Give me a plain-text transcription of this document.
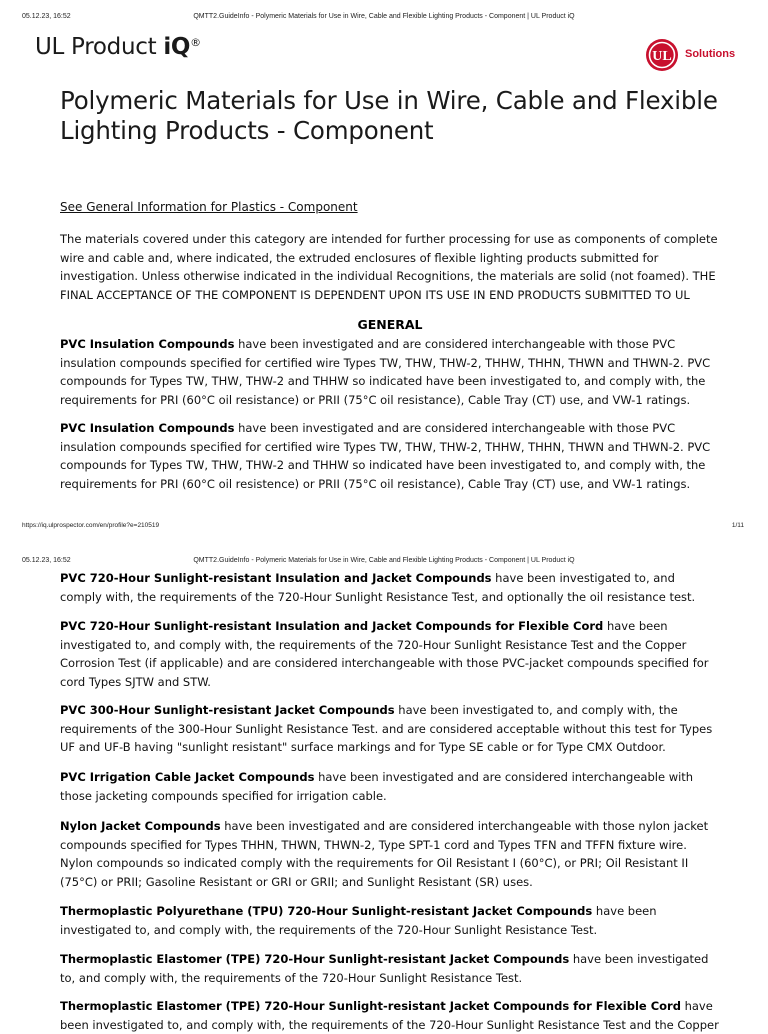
05.12.23, 16:52	QMTT2.GuideInfo - Polymeric Materials for Use in Wire, Cable and Flexible Lighting Products - Component | UL Product iQ
UL Product iQ®
UL Solutions
Polymeric Materials for Use in Wire, Cable and Flexible Lighting Products - Component
See General Information for Plastics - Component

The materials covered under this category are intended for further processing for use as components of complete wire and cable and, where indicated, the extruded enclosures of flexible lighting products submitted for investigation. Unless otherwise indicated in the individual Recognitions, the materials are solid (not foamed). THE FINAL ACCEPTANCE OF THE COMPONENT IS DEPENDENT UPON ITS USE IN END PRODUCTS SUBMITTED TO UL

GENERAL

PVC Insulation Compounds have been investigated and are considered interchangeable with those PVC insulation compounds specified for certified wire Types TW, THW, THW-2, THHW, THHN, THWN and THWN-2. PVC compounds for Types TW, THW, THW-2 and THHW so indicated have been investigated to, and comply with, the requirements for PRI (60°C oil resistance) or PRII (75°C oil resistance), Cable Tray (CT) use, and VW-1 ratings.

PVC Insulation Compounds have been investigated and are considered interchangeable with those PVC insulation compounds specified for certified wire Types TW, THW, THW-2, THHW, THHN, THWN and THWN-2. PVC compounds for Types TW, THW, THW-2 and THHW so indicated have been investigated to, and comply with, the requirements for PRI (60°C oil resistence) or PRII (75°C oil resistance), Cable Tray (CT) use, and VW-1 ratings.

https://iq.ulprospector.com/en/profile?e=210519	1/11
05.12.23, 16:52	QMTT2.GuideInfo - Polymeric Materials for Use in Wire, Cable and Flexible Lighting Products - Component | UL Product iQ

PVC 720-Hour Sunlight-resistant Insulation and Jacket Compounds have been investigated to, and comply with, the requirements of the 720-Hour Sunlight Resistance Test, and optionally the oil resistance test.

PVC 720-Hour Sunlight-resistant Insulation and Jacket Compounds for Flexible Cord have been investigated to, and comply with, the requirements of the 720-Hour Sunlight Resistance Test and the Copper Corrosion Test (if applicable) and are considered interchangeable with those PVC-jacket compounds specified for cord Types SJTW and STW.

PVC 300-Hour Sunlight-resistant Jacket Compounds have been investigated to, and comply with, the requirements of the 300-Hour Sunlight Resistance Test. and are considered acceptable without this test for Types UF and UF-B having "sunlight resistant" surface markings and for Type SE cable or for Type CMX Outdoor.

PVC Irrigation Cable Jacket Compounds have been investigated and are considered interchangeable with those jacketing compounds specified for irrigation cable.

Nylon Jacket Compounds have been investigated and are considered interchangeable with those nylon jacket compounds specified for Types THHN, THWN, THWN-2, Type SPT-1 cord and Types TFN and TFFN fixture wire. Nylon compounds so indicated comply with the requirements for Oil Resistant I (60°C), or PRI; Oil Resistant II (75°C) or PRII; Gasoline Resistant or GRI or GRII; and Sunlight Resistant (SR) uses.

Thermoplastic Polyurethane (TPU) 720-Hour Sunlight-resistant Jacket Compounds have been investigated to, and comply with, the requirements of the 720-Hour Sunlight Resistance Test.

Thermoplastic Elastomer (TPE) 720-Hour Sunlight-resistant Jacket Compounds have been investigated to, and comply with, the requirements of the 720-Hour Sunlight Resistance Test.

Thermoplastic Elastomer (TPE) 720-Hour Sunlight-resistant Jacket Compounds for Flexible Cord have been investigated to, and comply with, the requirements of the 720-Hour Sunlight Resistance Test and the Copper
